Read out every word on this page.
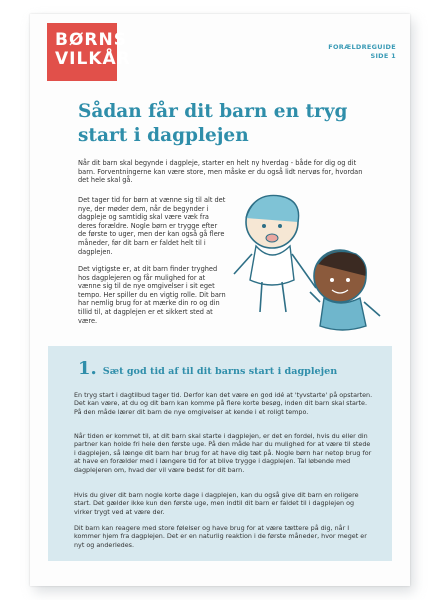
BØRNS
VILKÅR
FORÆLDREGUIDE
SIDE 1
Sådan får dit barn en tryg start i dagplejen
Når dit barn skal begynde i dagpleje, starter en helt ny hverdag - både for dig og dit barn. Forventningerne kan være store, men måske er du også lidt nervøs for, hvordan det hele skal gå.
Det tager tid for børn at vænne sig til alt det nye, der møder dem, når de begynder i dagpleje og samtidig skal være væk fra deres forældre. Nogle børn er trygge efter de første to uger, men der kan også gå flere måneder, før dit barn er faldet helt til i dagplejen.
Det vigtigste er, at dit barn finder tryghed hos dagplejeren og får mulighed for at vænne sig til de nye omgivelser i sit eget tempo. Her spiller du en vigtig rolle. Dit barn har nemlig brug for at mærke din ro og din tillid til, at dagplejen er et sikkert sted at være.
1. Sæt god tid af til dit barns start i dagplejen

En tryg start i dagtilbud tager tid. Derfor kan det være en god idé at 'tyvstarte' på opstarten. Det kan være, at du og dit barn kan komme på flere korte besøg, inden dit barn skal starte. På den måde lærer dit barn de nye omgivelser at kende i et roligt tempo.

Når tiden er kommet til, at dit barn skal starte i dagplejen, er det en fordel, hvis du eller din partner kan holde fri hele den første uge. På den måde har du mulighed for at være til stede i dagplejen, så længe dit barn har brug for at have dig tæt på. Nogle børn har netop brug for at have en forælder med i længere tid for at blive trygge i dagplejen. Tal løbende med dagplejeren om, hvad der vil være bedst for dit barn.

Hvis du giver dit barn nogle korte dage i dagplejen, kan du også give dit barn en roligere start. Det gælder ikke kun den første uge, men indtil dit barn er faldet til i dagplejen og virker trygt ved at være der.

Dit barn kan reagere med store følelser og have brug for at være tættere på dig, når I kommer hjem fra dagplejen. Det er en naturlig reaktion i de første måneder, hvor meget er nyt og anderledes.
